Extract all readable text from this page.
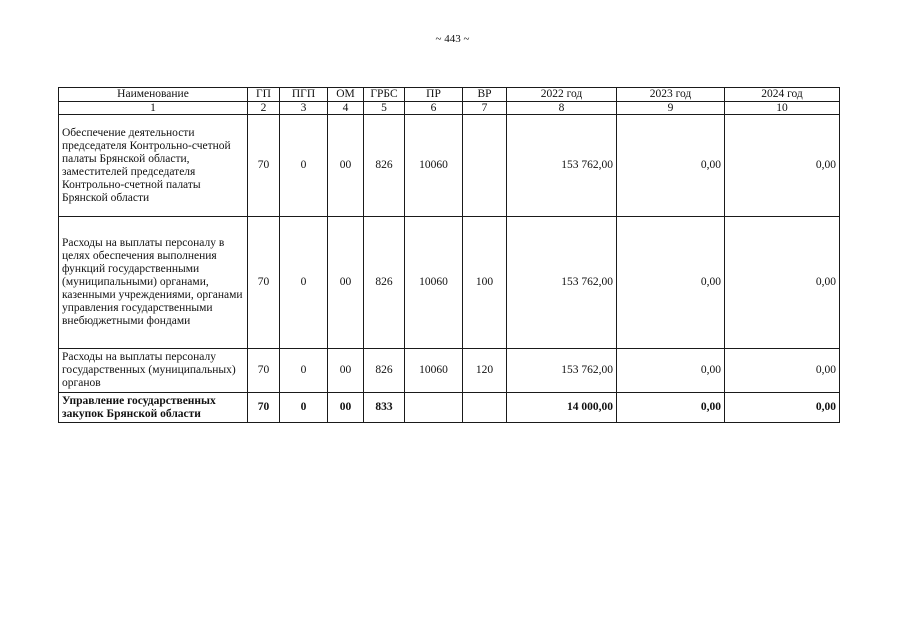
~ 443 ~
Наименование	ГП	ПГП	ОМ	ГРБС	ПР	ВР	2022 год	2023 год	2024 год
1	2	3	4	5	6	7	8	9	10
Обеспечение деятельности председателя Контрольно-счетной палаты Брянской области, заместителей председателя Контрольно-счетной палаты Брянской области	70	0	00	826	10060		153 762,00	0,00	0,00
Расходы на выплаты персоналу в целях обеспечения выполнения функций государственными (муниципальными) органами, казенными учреждениями, органами управления государственными внебюджетными фондами	70	0	00	826	10060	100	153 762,00	0,00	0,00
Расходы на выплаты персоналу государственных (муниципальных) органов	70	0	00	826	10060	120	153 762,00	0,00	0,00
Управление государственных закупок Брянской области	70	0	00	833			14 000,00	0,00	0,00
